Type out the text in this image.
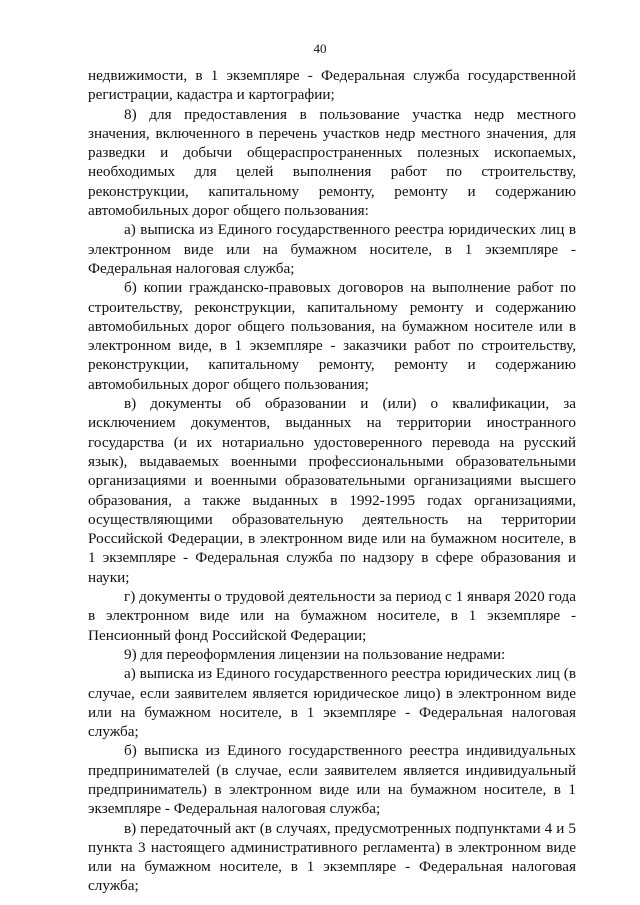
40

недвижимости, в 1 экземпляре - Федеральная служба государственной регистрации, кадастра и картографии;

8) для предоставления в пользование участка недр местного значения, включенного в перечень участков недр местного значения, для разведки и добычи общераспространенных полезных ископаемых, необходимых для целей выполнения работ по строительству, реконструкции, капитальному ремонту, ремонту и содержанию автомобильных дорог общего пользования:

а) выписка из Единого государственного реестра юридических лиц в электронном виде или на бумажном носителе, в 1 экземпляре - Федеральная налоговая служба;

б) копии гражданско-правовых договоров на выполнение работ по строительству, реконструкции, капитальному ремонту и содержанию автомобильных дорог общего пользования, на бумажном носителе или в электронном виде, в 1 экземпляре - заказчики работ по строительству, реконструкции, капитальному ремонту, ремонту и содержанию автомобильных дорог общего пользования;

в) документы об образовании и (или) о квалификации, за исключением документов, выданных на территории иностранного государства (и их нотариально удостоверенного перевода на русский язык), выдаваемых военными профессиональными образовательными организациями и военными образовательными организациями высшего образования, а также выданных в 1992-1995 годах организациями, осуществляющими образовательную деятельность на территории Российской Федерации, в электронном виде или на бумажном носителе, в 1 экземпляре - Федеральная служба по надзору в сфере образования и науки;

г) документы о трудовой деятельности за период с 1 января 2020 года в электронном виде или на бумажном носителе, в 1 экземпляре - Пенсионный фонд Российской Федерации;

9) для переоформления лицензии на пользование недрами:

а) выписка из Единого государственного реестра юридических лиц (в случае, если заявителем является юридическое лицо) в электронном виде или на бумажном носителе, в 1 экземпляре - Федеральная налоговая служба;

б) выписка из Единого государственного реестра индивидуальных предпринимателей (в случае, если заявителем является индивидуальный предприниматель) в электронном виде или на бумажном носителе, в 1 экземпляре - Федеральная налоговая служба;

в) передаточный акт (в случаях, предусмотренных подпунктами 4 и 5 пункта 3 настоящего административного регламента) в электронном виде или на бумажном носителе, в 1 экземпляре - Федеральная налоговая служба;
